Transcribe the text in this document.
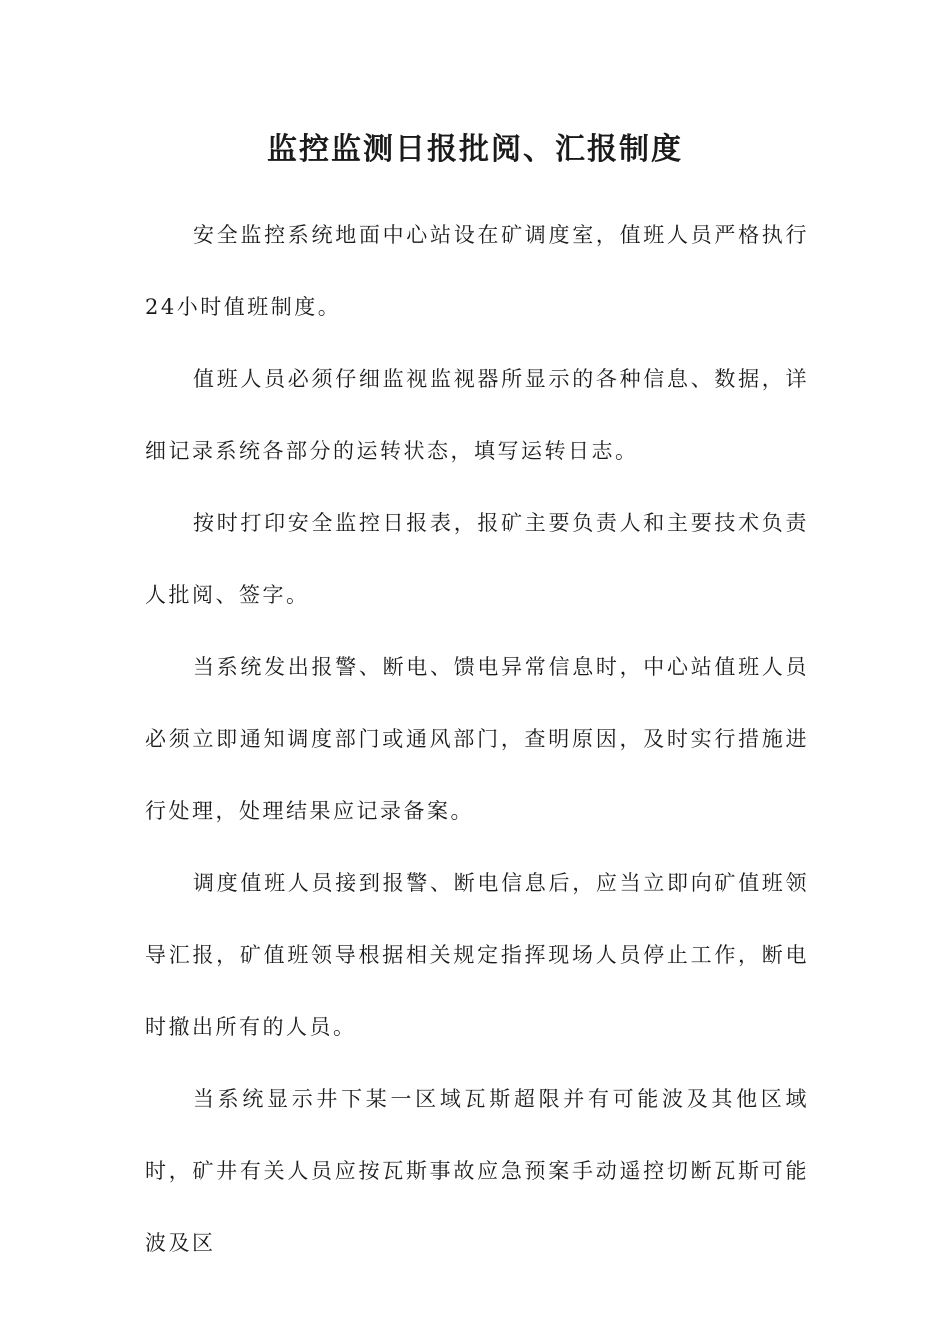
监控监测日报批阅、汇报制度

安全监控系统地面中心站设在矿调度室，值班人员严格执行24小时值班制度。

值班人员必须仔细监视监视器所显示的各种信息、数据，详细记录系统各部分的运转状态，填写运转日志。

按时打印安全监控日报表，报矿主要负责人和主要技术负责人批阅、签字。

当系统发出报警、断电、馈电异常信息时，中心站值班人员必须立即通知调度部门或通风部门，查明原因，及时实行措施进行处理，处理结果应记录备案。

调度值班人员接到报警、断电信息后，应当立即向矿值班领导汇报，矿值班领导根据相关规定指挥现场人员停止工作，断电时撤出所有的人员。

当系统显示井下某一区域瓦斯超限并有可能波及其他区域时，矿井有关人员应按瓦斯事故应急预案手动遥控切断瓦斯可能波及区
